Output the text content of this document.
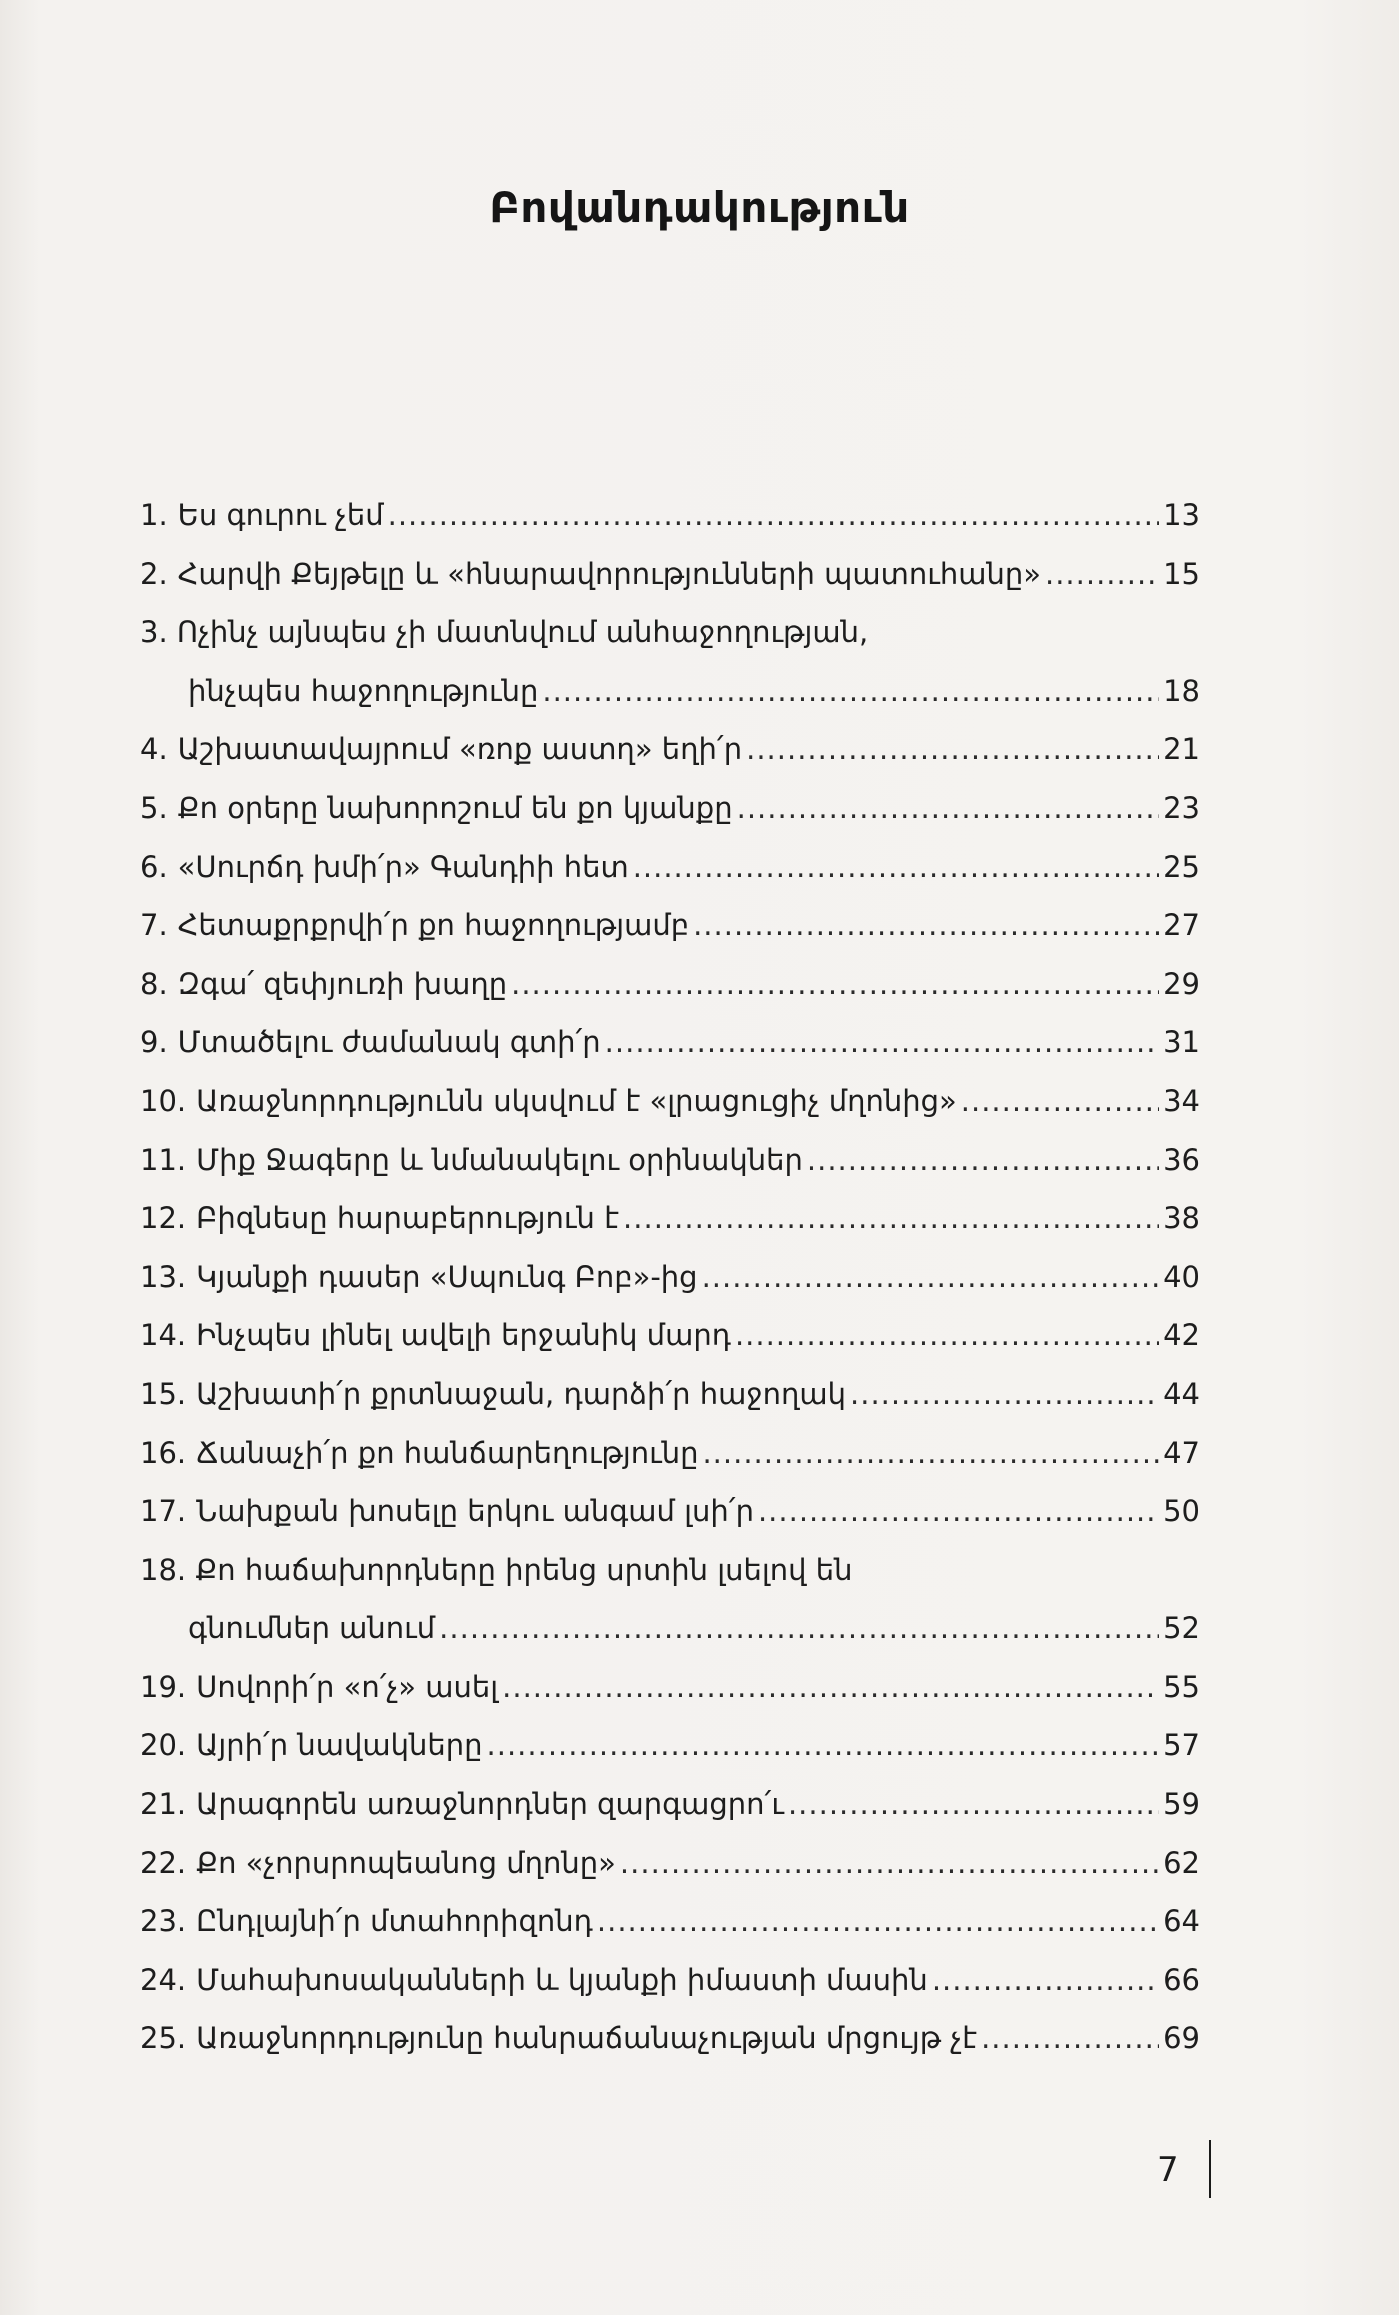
Բովանդակություն
1. Ես գուրու չեմ .....	13
2. Հարվի Քեյթելը և «հնարավորությունների պատուհանը» .....	15
3. Ոչինչ այնպես չի մատնվում անհաջողության,
ինչպես հաջողությունը .....	18
4. Աշխատավայրում «ռոք աստղ» եղի՛ր .....	21
5. Քո օրերը նախորոշում են քո կյանքը .....	23
6. «Սուրճդ խմի՛ր» Գանդիի հետ .....	25
7. Հետաքրքրվի՛ր քո հաջողությամբ .....	27
8. Զգա՛ զեփյուռի խաղը .....	29
9. Մտածելու ժամանակ գտի՛ր .....	31
10. Առաջնորդությունն սկսվում է «լրացուցիչ մղոնից» .....	34
11. Միք Ջագերը և նմանակելու օրինակներ .....	36
12. Բիզնեսը հարաբերություն է .....	38
13. Կյանքի դասեր «Սպունգ Բոբ»-ից .....	40
14. Ինչպես լինել ավելի երջանիկ մարդ .....	42
15. Աշխատի՛ր քրտնաջան, դարձի՛ր հաջողակ .....	44
16. Ճանաչի՛ր քո հանճարեղությունը .....	47
17. Նախքան խոսելը երկու անգամ լսի՛ր .....	50
18. Քո հաճախորդները իրենց սրտին լսելով են
գնումներ անում .....	52
19. Սովորի՛ր «ո՛չ» ասել .....	55
20. Այրի՛ր նավակները .....	57
21. Արագորեն առաջնորդներ զարգացրո՛ւ .....	59
22. Քո «չորսրոպեանոց մղոնը» .....	62
23. Ընդլայնի՛ր մտահորիզոնդ .....	64
24. Մահախոսականների և կյանքի իմաստի մասին .....	66
25. Առաջնորդությունը հանրաճանաչության մրցույթ չէ .....	69
7
